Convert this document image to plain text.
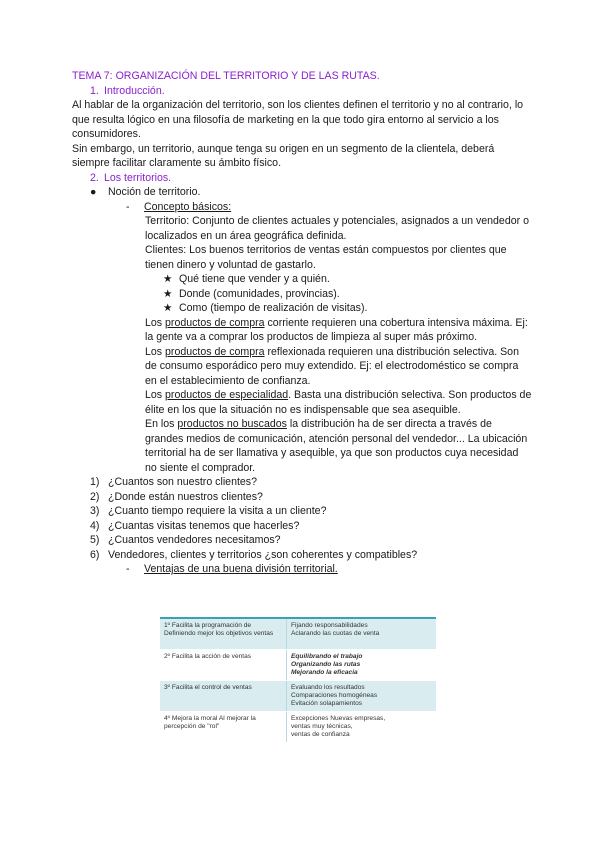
TEMA 7: ORGANIZACIÓN DEL TERRITORIO Y DE LAS RUTAS.

1. Introducción.

Al hablar de la organización del territorio, son los clientes definen el territorio y no al contrario, lo que resulta lógico en una filosofía de marketing en la que todo gira entorno al servicio a los consumidores.

Sin embargo, un territorio, aunque tenga su origen en un segmento de la clientela, deberá siempre facilitar claramente su ámbito físico.

2. Los territorios.

● Noción de territorio.

- Concepto básicos:

Territorio: Conjunto de clientes actuales y potenciales, asignados a un vendedor o localizados en un área geográfica definida.

Clientes: Los buenos territorios de ventas están compuestos por clientes que tienen dinero y voluntad de gastarlo.

★ Qué tiene que vender y a quién.

★ Donde (comunidades, provincias).

★ Como (tiempo de realización de visitas).

Los productos de compra corriente requieren una cobertura intensiva máxima. Ej: la gente va a comprar los productos de limpieza al super más próximo.

Los productos de compra reflexionada requieren una distribución selectiva. Son de consumo esporádico pero muy extendido. Ej: el electrodoméstico se compra en el establecimiento de confianza.

Los productos de especialidad. Basta una distribución selectiva. Son productos de élite en los que la situación no es indispensable que sea asequible.

En los productos no buscados la distribución ha de ser directa a través de grandes medios de comunicación, atención personal del vendedor... La ubicación territorial ha de ser llamativa y asequible, ya que son productos cuya necesidad no siente el comprador.

1) ¿Cuantos son nuestro clientes?

2) ¿Donde están nuestros clientes?

3) ¿Cuanto tiempo requiere la visita a un cliente?

4) ¿Cuantas visitas tenemos que hacerles?

5) ¿Cuantos vendedores necesitamos?

6) Vendedores, clientes y territorios ¿son coherentes y compatibles?

- Ventajas de una buena división territorial.

1º Facilita la programación de Definiendo mejor los objetivos ventas	Fijando responsabilidades
Aclarando las cuotas de venta

2º Facilita la acción de ventas	Equilibrando el trabajo
Organizando las rutas
Mejorando la eficacia

3º Facilita el control de ventas	Evaluando los resultados
Comparaciones homogéneas
Evitación solapamientos

4º Mejora la moral Al mejorar la percepción de "rol"	Excepciones Nuevas empresas,
ventas muy técnicas,
ventas de confianza
